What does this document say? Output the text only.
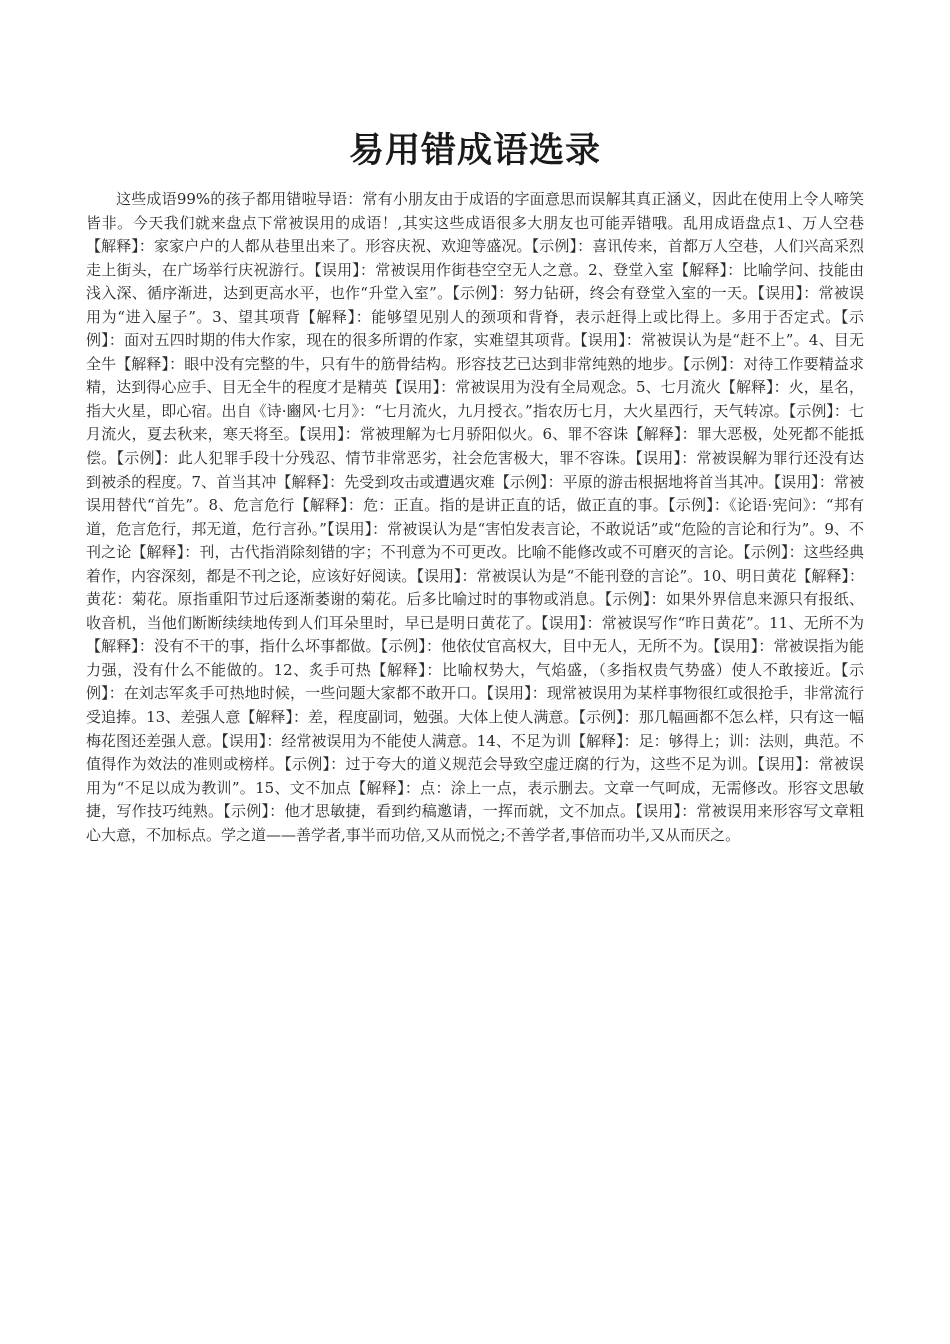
易用错成语选录

这些成语99%的孩子都用错啦导语：常有小朋友由于成语的字面意思而误解其真正涵义，因此在使用上令人啼笑皆非。今天我们就来盘点下常被误用的成语！,其实这些成语很多大朋友也可能弄错哦。乱用成语盘点1、万人空巷【解释】：家家户户的人都从巷里出来了。形容庆祝、欢迎等盛况。【示例】：喜讯传来，首都万人空巷，人们兴高采烈走上街头，在广场举行庆祝游行。【误用】：常被误用作街巷空空无人之意。2、登堂入室【解释】：比喻学问、技能由浅入深、循序渐进，达到更高水平，也作“升堂入室”。【示例】：努力钻研，终会有登堂入室的一天。【误用】：常被误用为“进入屋子”。3、望其项背【解释】：能够望见别人的颈项和背脊，表示赶得上或比得上。多用于否定式。【示例】：面对五四时期的伟大作家，现在的很多所谓的作家，实难望其项背。【误用】：常被误认为是“赶不上”。4、目无全牛【解释】：眼中没有完整的牛，只有牛的筋骨结构。形容技艺已达到非常纯熟的地步。【示例】：对待工作要精益求精，达到得心应手、目无全牛的程度才是精英【误用】：常被误用为没有全局观念。5、七月流火【解释】：火，星名，指大火星，即心宿。出自《诗·豳风·七月》：“七月流火，九月授衣。”指农历七月，大火星西行，天气转凉。【示例】：七月流火，夏去秋来，寒天将至。【误用】：常被理解为七月骄阳似火。6、罪不容诛【解释】：罪大恶极，处死都不能抵偿。【示例】：此人犯罪手段十分残忍、情节非常恶劣，社会危害极大，罪不容诛。【误用】：常被误解为罪行还没有达到被杀的程度。7、首当其冲【解释】：先受到攻击或遭遇灾难【示例】：平原的游击根据地将首当其冲。【误用】：常被误用替代“首先”。8、危言危行【解释】：危：正直。指的是讲正直的话，做正直的事。【示例】：《论语·宪问》：“邦有道，危言危行，邦无道，危行言孙。”【误用】：常被误认为是“害怕发表言论，不敢说话”或“危险的言论和行为”。9、不刊之论【解释】：刊，古代指消除刻错的字；不刊意为不可更改。比喻不能修改或不可磨灭的言论。【示例】：这些经典着作，内容深刻，都是不刊之论，应该好好阅读。【误用】：常被误认为是“不能刊登的言论”。10、明日黄花【解释】：黄花：菊花。原指重阳节过后逐渐萎谢的菊花。后多比喻过时的事物或消息。【示例】：如果外界信息来源只有报纸、收音机，当他们断断续续地传到人们耳朵里时，早已是明日黄花了。【误用】：常被误写作“昨日黄花”。11、无所不为【解释】：没有不干的事，指什么坏事都做。【示例】：他依仗官高权大，目中无人，无所不为。【误用】：常被误指为能力强，没有什么不能做的。12、炙手可热【解释】：比喻权势大，气焰盛，（多指权贵气势盛）使人不敢接近。【示例】：在刘志军炙手可热地时候，一些问题大家都不敢开口。【误用】：现常被误用为某样事物很红或很抢手，非常流行受追捧。13、差强人意【解释】：差，程度副词，勉强。大体上使人满意。【示例】：那几幅画都不怎么样，只有这一幅梅花图还差强人意。【误用】：经常被误用为不能使人满意。14、不足为训【解释】：足：够得上；训：法则，典范。不值得作为效法的准则或榜样。【示例】：过于夸大的道义规范会导致空虚迂腐的行为，这些不足为训。【误用】：常被误用为“不足以成为教训”。15、文不加点【解释】：点：涂上一点，表示删去。文章一气呵成，无需修改。形容文思敏捷，写作技巧纯熟。【示例】：他才思敏捷，看到约稿邀请，一挥而就，文不加点。【误用】：常被误用来形容写文章粗心大意，不加标点。学之道——善学者,事半而功倍,又从而悦之;不善学者,事倍而功半,又从而厌之。
